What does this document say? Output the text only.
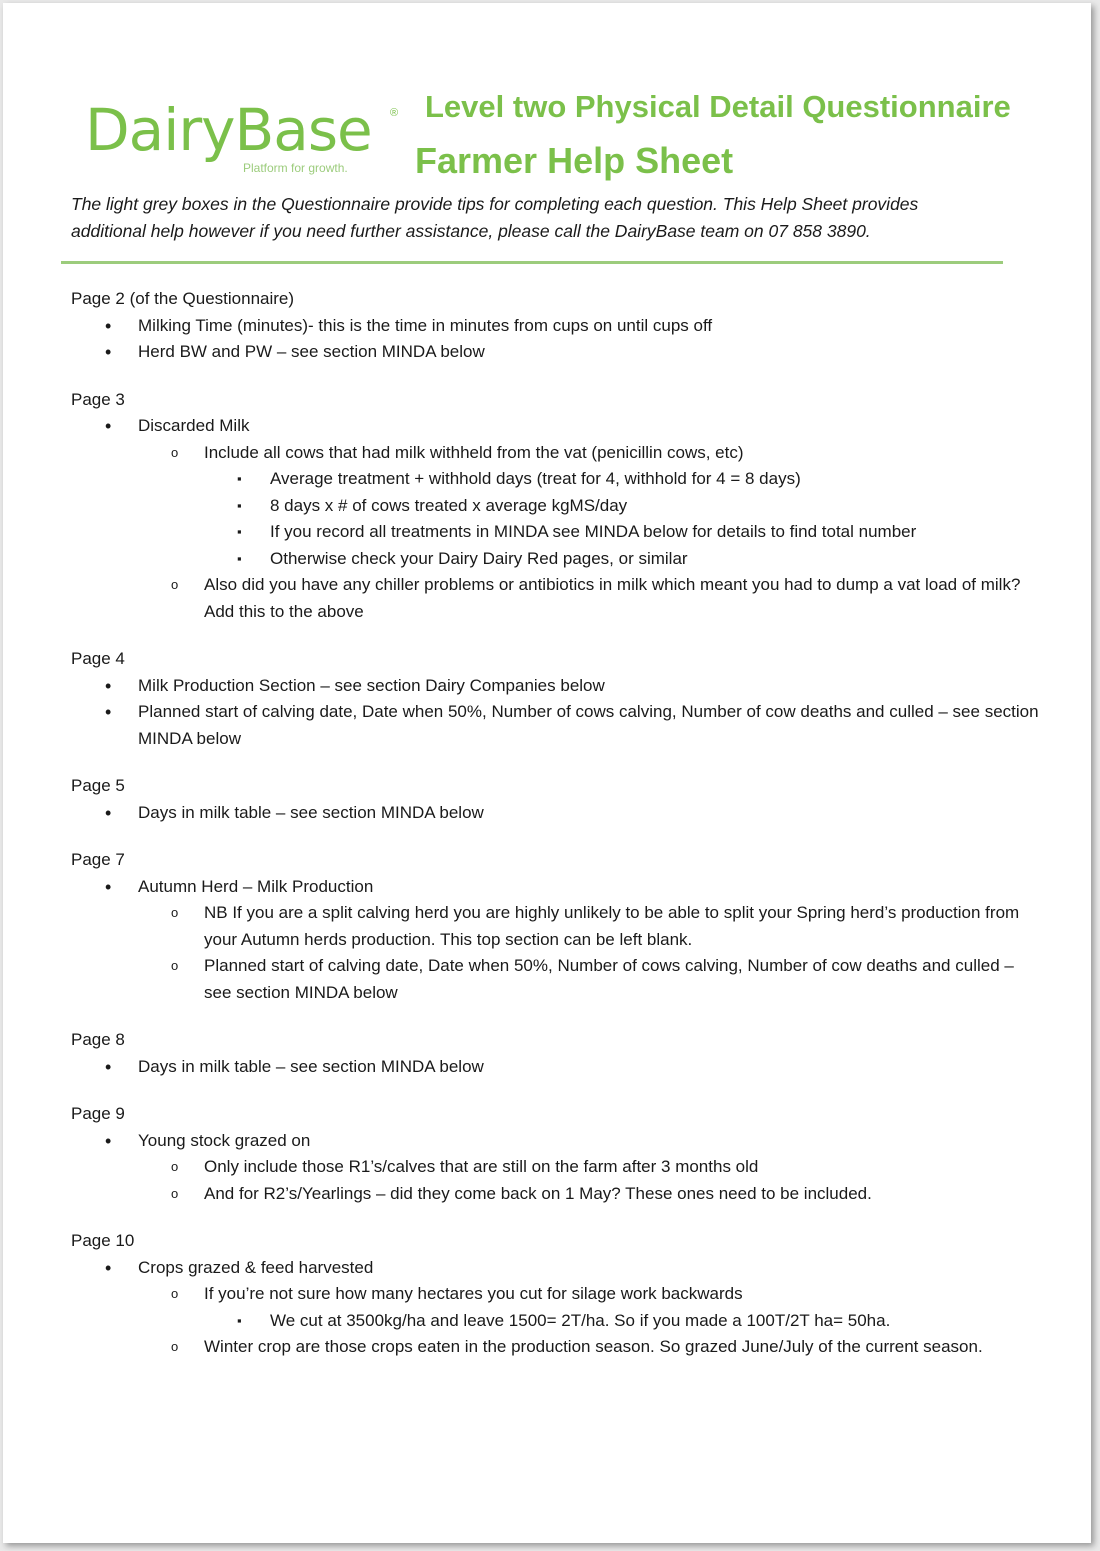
DairyBase ®
Platform for growth.
Level two Physical Detail Questionnaire
Farmer Help Sheet

The light grey boxes in the Questionnaire provide tips for completing each question. This Help Sheet provides additional help however if you need further assistance, please call the DairyBase team on 07 858 3890.

Page 2 (of the Questionnaire)
• Milking Time (minutes)- this is the time in minutes from cups on until cups off
• Herd BW and PW – see section MINDA below
Page 3
• Discarded Milk
o Include all cows that had milk withheld from the vat (penicillin cows, etc)
▪ Average treatment + withhold days (treat for 4, withhold for 4 = 8 days)
▪ 8 days x # of cows treated x average kgMS/day
▪ If you record all treatments in MINDA see MINDA below for details to find total number
▪ Otherwise check your Dairy Dairy Red pages, or similar
o Also did you have any chiller problems or antibiotics in milk which meant you had to dump a vat load of milk? Add this to the above
Page 4
• Milk Production Section – see section Dairy Companies below
• Planned start of calving date, Date when 50%, Number of cows calving, Number of cow deaths and culled – see section MINDA below
Page 5
• Days in milk table – see section MINDA below
Page 7
• Autumn Herd – Milk Production
o NB If you are a split calving herd you are highly unlikely to be able to split your Spring herd’s production from your Autumn herds production. This top section can be left blank.
o Planned start of calving date, Date when 50%, Number of cows calving, Number of cow deaths and culled – see section MINDA below
Page 8
• Days in milk table – see section MINDA below
Page 9
• Young stock grazed on
o Only include those R1’s/calves that are still on the farm after 3 months old
o And for R2’s/Yearlings – did they come back on 1 May? These ones need to be included.
Page 10
• Crops grazed & feed harvested
o If you’re not sure how many hectares you cut for silage work backwards
▪ We cut at 3500kg/ha and leave 1500= 2T/ha. So if you made a 100T/2T ha= 50ha.
o Winter crop are those crops eaten in the production season. So grazed June/July of the current season.
